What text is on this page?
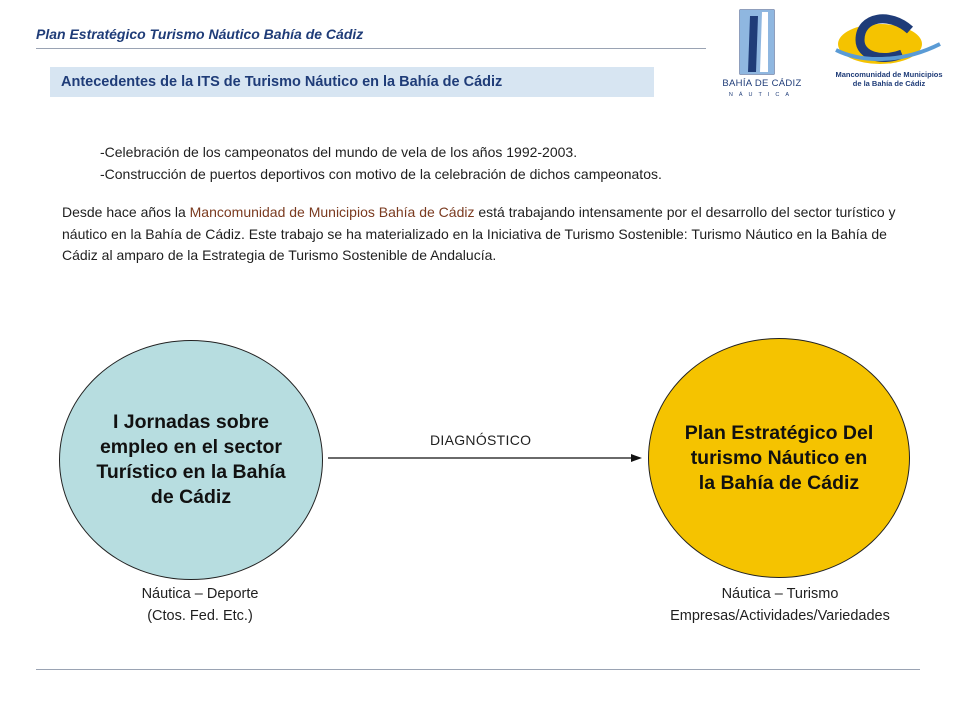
Plan Estratégico Turismo Náutico Bahía de Cádiz
BAHÍA DE CÁDIZ
NÁUTICA
Mancomunidad de Municipios
de la Bahía de Cádiz
Antecedentes de la ITS de Turismo Náutico en la Bahía de Cádiz
-Celebración de los campeonatos del mundo de vela de los años 1992-2003.
-Construcción de puertos deportivos con motivo de la celebración de dichos campeonatos.
Desde hace años la Mancomunidad de Municipios Bahía de Cádiz está trabajando intensamente por el desarrollo del sector turístico y náutico en la Bahía de Cádiz. Este trabajo se ha materializado en la Iniciativa de Turismo Sostenible: Turismo Náutico en la Bahía de Cádiz al amparo de la Estrategia de Turismo Sostenible de Andalucía.
I Jornadas sobre empleo en el sector Turístico en la Bahía de Cádiz
DIAGNÓSTICO	Plan Estratégico Del turismo Náutico en la Bahía de Cádiz
Náutica – Deporte
(Ctos. Fed. Etc.)
Náutica – Turismo
Empresas/Actividades/Variedades
